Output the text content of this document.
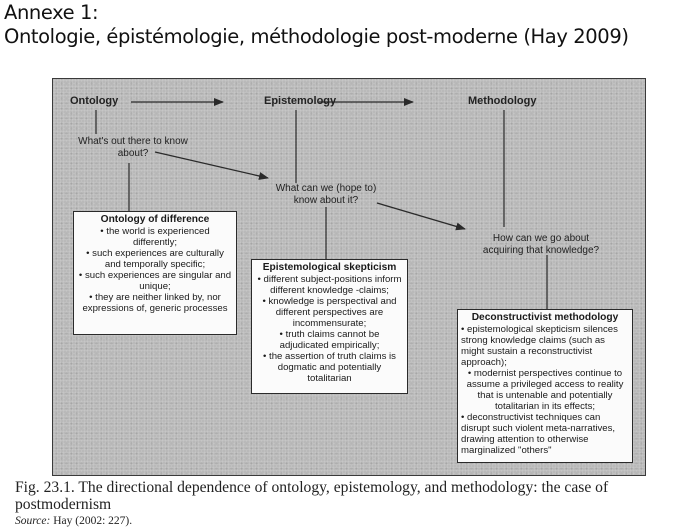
Annexe 1:
Ontologie, épistémologie, méthodologie post-moderne (Hay 2009)
Ontology	Epistemology	Methodology
What's out there to know
about?
What can we (hope to)
know about it?
How can we go about
acquiring that knowledge?
Ontology of difference
• the world is experienced differently;
• such experiences are culturally and temporally specific;
• such experiences are singular and unique;
• they are neither linked by, nor expressions of, generic processes
Epistemological skepticism
• different subject-positions inform different knowledge -claims;
• knowledge is perspectival and different perspectives are incommensurate;
• truth claims cannot be adjudicated empirically;
• the assertion of truth claims is dogmatic and potentially totalitarian
Deconstructivist methodology
• epistemological skepticism silences strong knowledge claims (such as might sustain a reconstructivist approach);
• modernist perspectives continue to assume a privileged access to reality that is untenable and potentially totalitarian in its effects;
• deconstructivist techniques can disrupt such violent meta-narratives, drawing attention to otherwise marginalized "others"
Fig. 23.1. The directional dependence of ontology, epistemology, and methodology: the case of postmodernism
Source: Hay (2002: 227).
